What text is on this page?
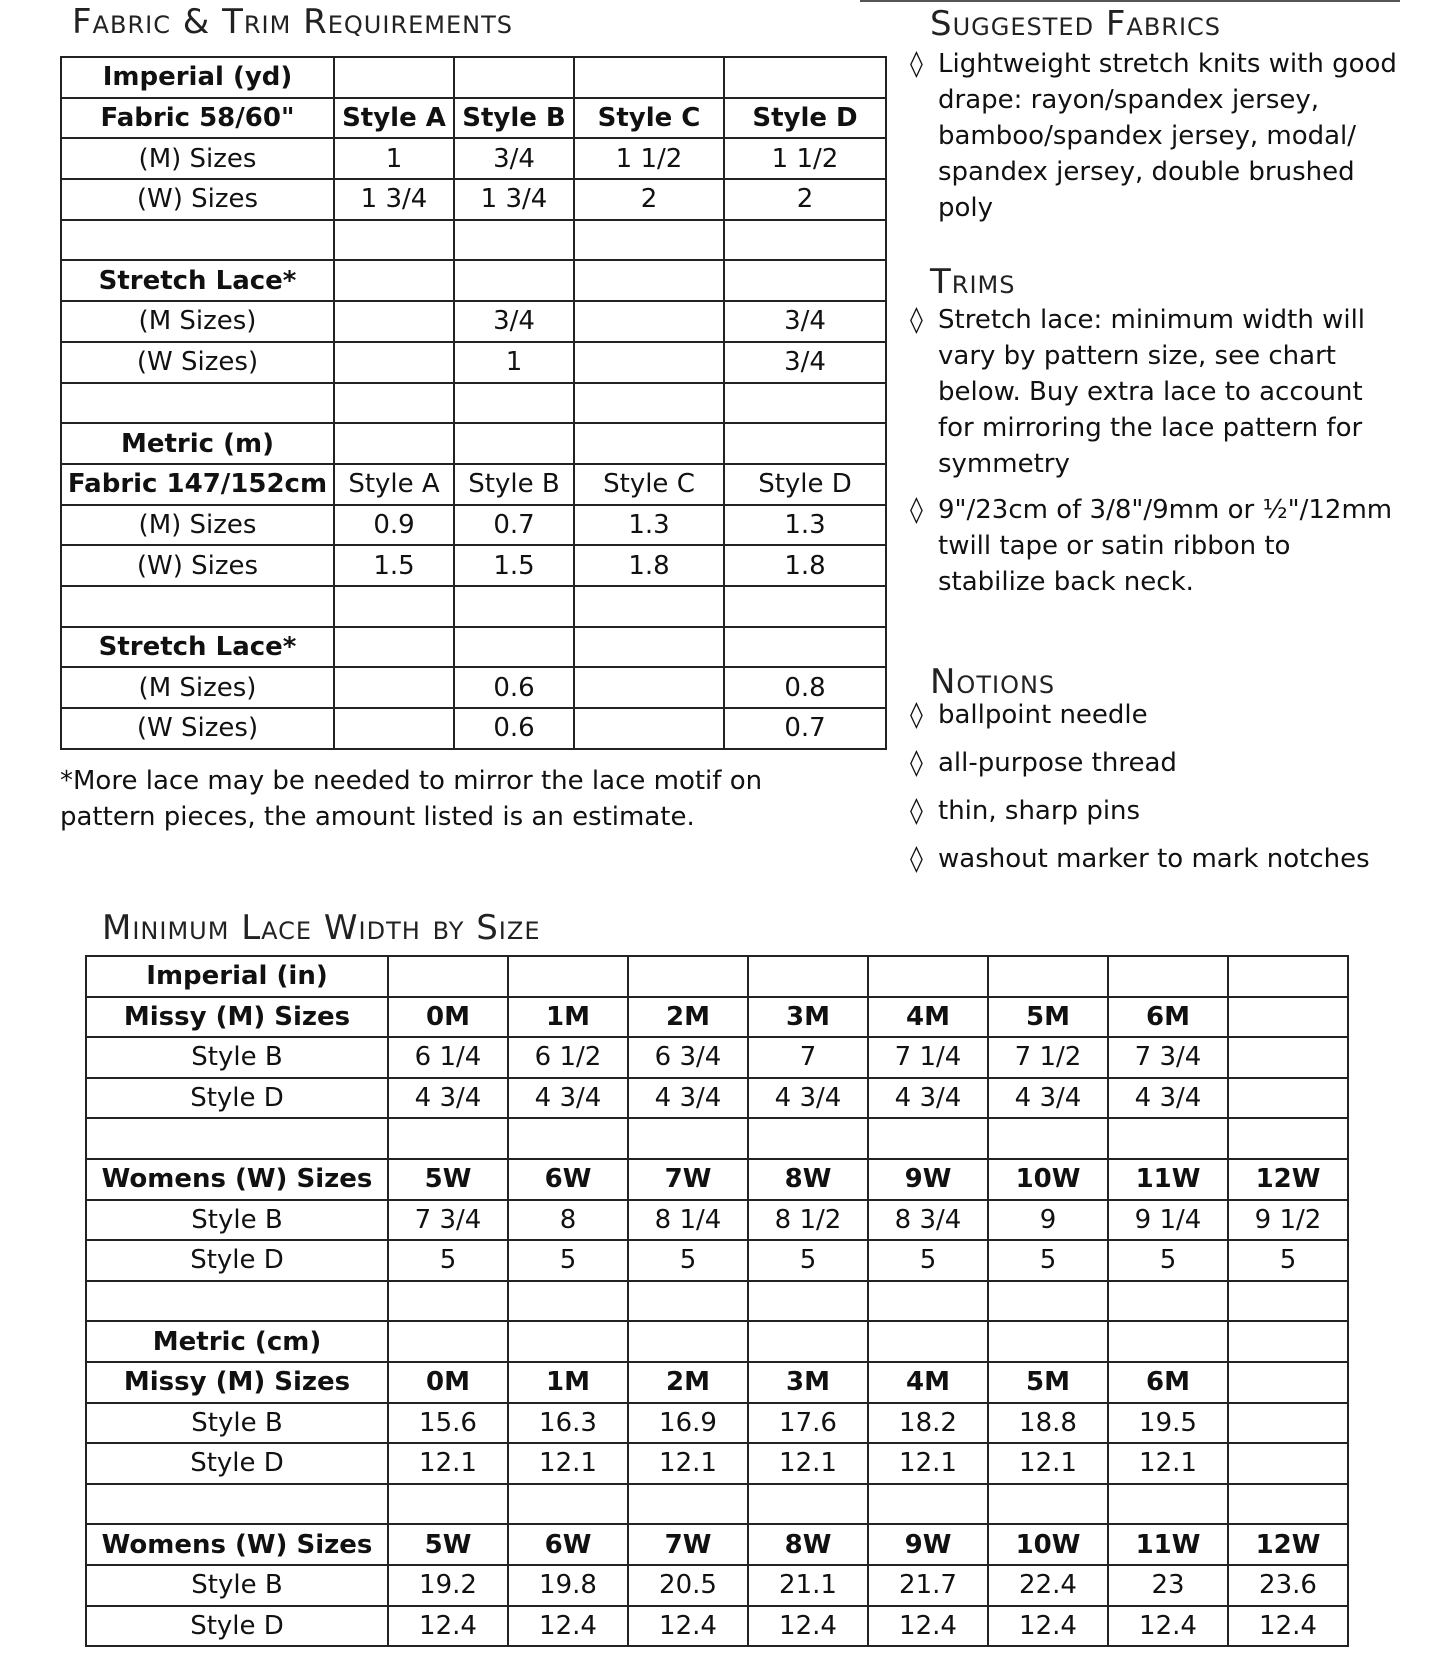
Fabric & Trim Requirements
Imperial (yd)				
Fabric 58/60"	Style A	Style B	Style C	Style D
(M) Sizes	1	3/4	1 1/2	1 1/2
(W) Sizes	1 3/4	1 3/4	2	2

Stretch Lace*				
(M Sizes)		3/4		3/4
(W Sizes)		1		3/4

Metric (m)				
Fabric 147/152cm	Style A	Style B	Style C	Style D
(M) Sizes	0.9	0.7	1.3	1.3
(W) Sizes	1.5	1.5	1.8	1.8

Stretch Lace*				
(M Sizes)		0.6		0.8
(W Sizes)		0.6		0.7

*More lace may be needed to mirror the lace motif on pattern pieces, the amount listed is an estimate.

Suggested Fabrics

◊ Lightweight stretch knits with good drape: rayon/spandex jersey, bamboo/spandex jersey, modal/ spandex jersey, double brushed poly

Trims

◊ Stretch lace: minimum width will vary by pattern size, see chart below. Buy extra lace to account for mirroring the lace pattern for symmetry

◊ 9"/23cm of 3/8"/9mm or ½"/12mm twill tape or satin ribbon to stabilize back neck.

Notions

◊ ballpoint needle

◊ all-purpose thread

◊ thin, sharp pins

◊ washout marker to mark notches

Minimum Lace Width by Size
Imperial (in)								
Missy (M) Sizes	0M	1M	2M	3M	4M	5M	6M	
Style B	6 1/4	6 1/2	6 3/4	7	7 1/4	7 1/2	7 3/4	
Style D	4 3/4	4 3/4	4 3/4	4 3/4	4 3/4	4 3/4	4 3/4	

Womens (W) Sizes	5W	6W	7W	8W	9W	10W	11W	12W
Style B	7 3/4	8	8 1/4	8 1/2	8 3/4	9	9 1/4	9 1/2
Style D	5	5	5	5	5	5	5	5

Metric (cm)								
Missy (M) Sizes	0M	1M	2M	3M	4M	5M	6M	
Style B	15.6	16.3	16.9	17.6	18.2	18.8	19.5	
Style D	12.1	12.1	12.1	12.1	12.1	12.1	12.1	

Womens (W) Sizes	5W	6W	7W	8W	9W	10W	11W	12W
Style B	19.2	19.8	20.5	21.1	21.7	22.4	23	23.6
Style D	12.4	12.4	12.4	12.4	12.4	12.4	12.4	12.4
